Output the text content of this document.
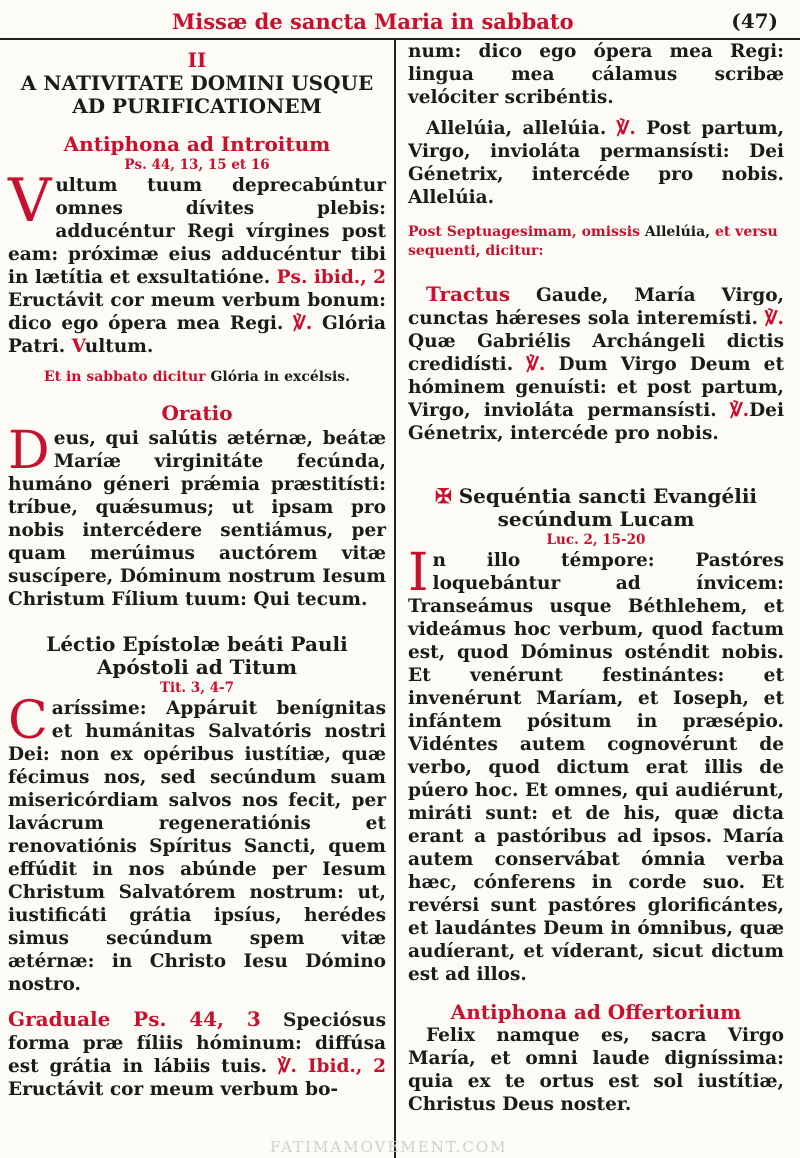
Missæ de sancta Maria in sabbato	(47)

II

A NATIVITATE DOMINI USQUE

AD PURIFICATIONEM

Antiphona ad Introitum

Ps. 44, 13, 15 et 16

Vultum tuum deprecabúntur omnes dívites plebis: adducéntur Regi vírgines post eam: próximæ eius adducéntur tibi in lætítia et exsultatióne. Ps. ibid., 2 Eructávit cor meum verbum bonum: dico ego ópera mea Regi. ℣. Glória Patri. Vultum.

Et in sabbato dicitur Glória in excélsis.

Oratio

Deus, qui salútis ætérnæ, beátæ Maríæ virginitáte fecúnda, humáno géneri prǽmia præstitísti: tríbue, quǽsumus; ut ipsam pro nobis intercédere sentiámus, per quam merúimus auctórem vitæ suscípere, Dóminum nostrum Iesum Christum Fílium tuum: Qui tecum.

Léctio Epístolæ beáti Pauli

Apóstoli ad Titum

Tit. 3, 4-7

Caríssime: Appáruit benígnitas et humánitas Salvatóris nostri Dei: non ex opéribus iustítiæ, quæ fécimus nos, sed secúndum suam misericórdiam salvos nos fecit, per lavácrum regeneratiónis et renovatiónis Spíritus Sancti, quem effúdit in nos abúnde per Iesum Christum Salvatórem nostrum: ut, iustificáti grátia ipsíus, herédes simus secúndum spem vitæ ætérnæ: in Christo Iesu Dómino nostro.

Graduale Ps. 44, 3 Speciósus forma præ fíliis hóminum: diffúsa est grátia in lábiis tuis. ℣. Ibid., 2 Eructávit cor meum verbum bo-

num: dico ego ópera mea Regi: lingua mea cálamus scribæ velóciter scribéntis.

Allelúia, allelúia. ℣. Post partum, Virgo, invioláta permansísti: Dei Génetrix, intercéde pro nobis. Allelúia.

Post Septuagesimam, omissis Allelúia, et versu sequenti, dicitur:

Tractus Gaude, María Virgo, cunctas hǽreses sola interemísti. ℣. Quæ Gabriélis Archángeli dictis credidísti. ℣. Dum Virgo Deum et hóminem genuísti: et post partum, Virgo, invioláta permansísti. ℣.Dei Génetrix, intercéde pro nobis.

✠ Sequéntia sancti Evangélii

secúndum Lucam

Luc. 2, 15-20

In illo témpore: Pastóres loquebántur ad ínvicem: Transeámus usque Béthlehem, et videámus hoc verbum, quod factum est, quod Dóminus osténdit nobis. Et venérunt festinántes: et invenérunt Maríam, et Ioseph, et infántem pósitum in præsépio. Vidéntes autem cognovérunt de verbo, quod dictum erat illis de púero hoc. Et omnes, qui audiérunt, miráti sunt: et de his, quæ dicta erant a pastóribus ad ipsos. María autem conservábat ómnia verba hæc, cónferens in corde suo. Et revérsi sunt pastóres glorificántes, et laudántes Deum in ómnibus, quæ audíerant, et víderant, sicut dictum est ad illos.

Antiphona ad Offertorium

Felix namque es, sacra Virgo María, et omni laude digníssima: quia ex te ortus est sol iustítiæ, Christus Deus noster.

FATIMAMOVEMENT.COM
